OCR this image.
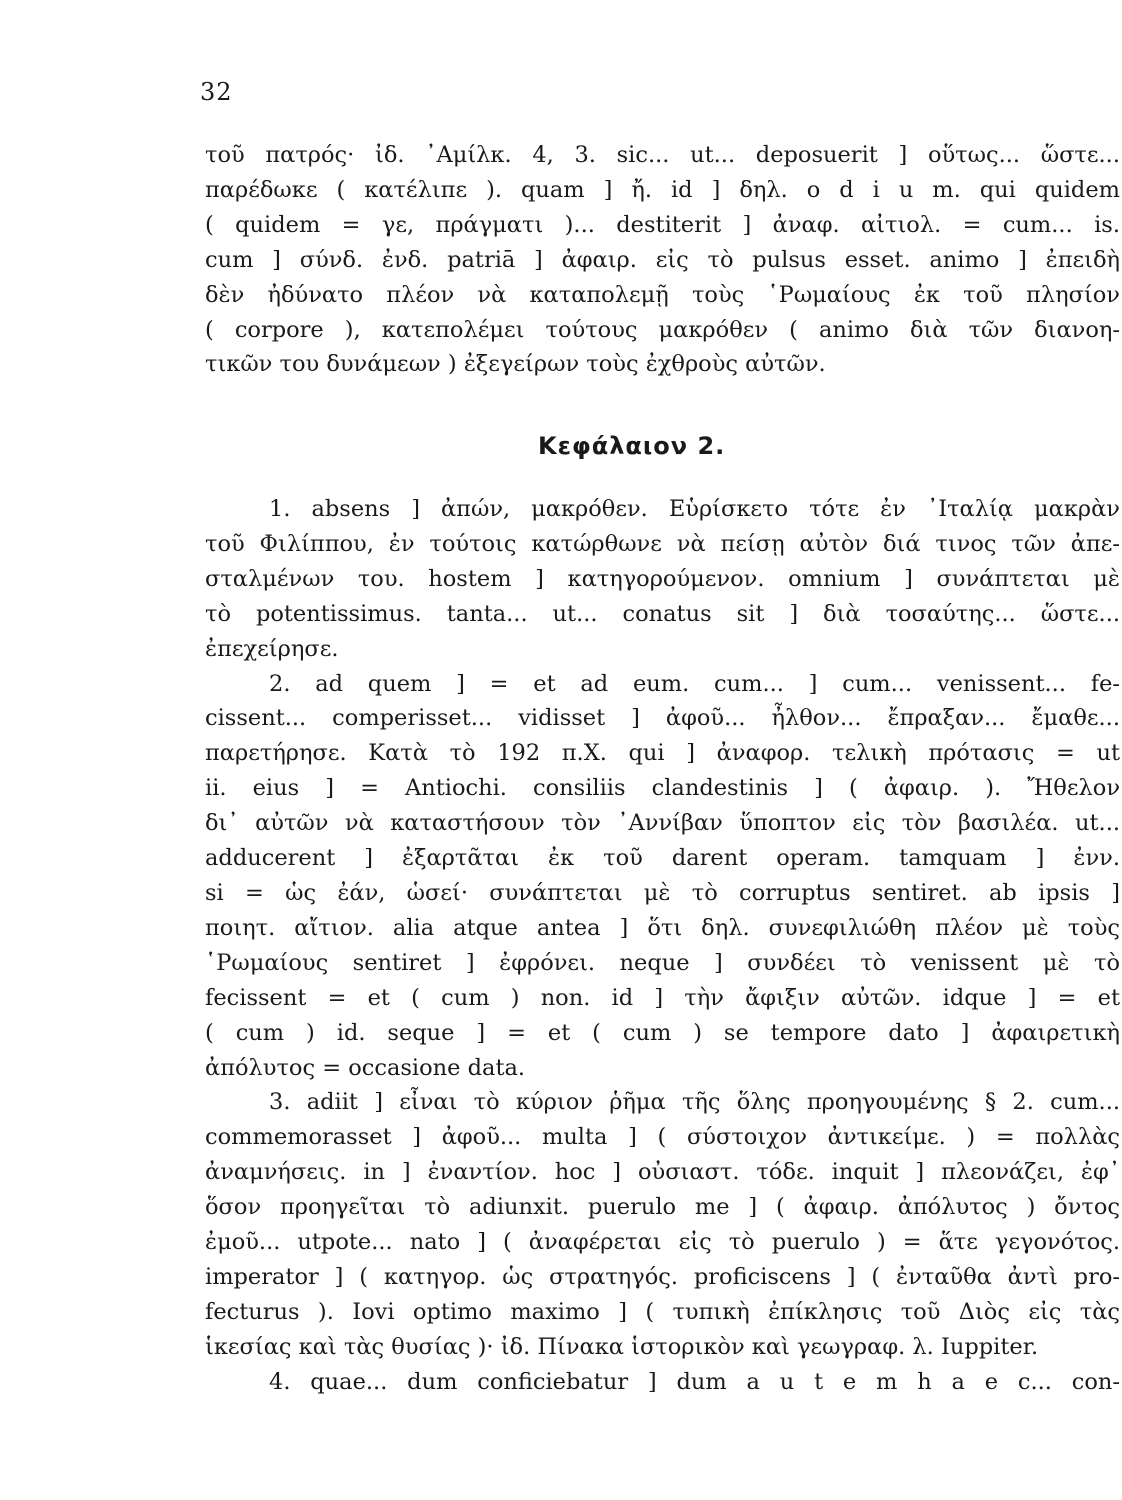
32
τοῦ πατρός· ἰδ. ᾿Αμίλκ. 4, 3. sic... ut... deposuerit ] οὕτως... ὥστε...
παρέδωκε ( κατέλιπε ). quam ] ἤ. id ] δηλ. o d i u m. qui quidem
( quidem = γε, πράγματι )... destiterit ] ἀναφ. αἰτιολ. = cum... is.
cum ] σύνδ. ἐνδ. patriā ] ἀφαιρ. εἰς τὸ pulsus esset. animo ] ἐπειδὴ
δὲν ἠδύνατο πλέον νὰ καταπολεμῇ τοὺς ῾Ρωμαίους ἐκ τοῦ πλησίον
( corpore ), κατεπολέμει τούτους μακρόθεν ( animo διὰ τῶν διανοη-
τικῶν του δυνάμεων ) ἐξεγείρων τοὺς ἐχθροὺς αὐτῶν.
Κεφάλαιον 2.
1. absens ] ἀπών, μακρόθεν. Εὑρίσκετο τότε ἐν ᾿Ιταλίᾳ μακρὰν
τοῦ Φιλίππου, ἐν τούτοις κατώρθωνε νὰ πείσῃ αὐτὸν διά τινος τῶν ἀπε-
σταλμένων του. hostem ] κατηγορούμενον. omnium ] συνάπτεται μὲ
τὸ potentissimus. tanta... ut... conatus sit ] διὰ τοσαύτης... ὥστε...
ἐπεχείρησε.
2. ad quem ] = et ad eum. cum... ] cum... venissent... fe-
cissent... comperisset... vidisset ] ἀφοῦ... ἦλθον... ἔπραξαν... ἔμαθε...
παρετήρησε. Κατὰ τὸ 192 π.Χ. qui ] ἀναφορ. τελικὴ πρότασις = ut
ii. eius ] = Antiochi. consiliis clandestinis ] ( ἀφαιρ. ). Ἤθελον
δι᾿ αὐτῶν νὰ καταστήσουν τὸν ᾿Αννίβαν ὕποπτον εἰς τὸν βασιλέα. ut...
adducerent ] ἐξαρτᾶται ἐκ τοῦ darent operam. tamquam ] ἐνν.
si = ὡς ἐάν, ὡσεί· συνάπτεται μὲ τὸ corruptus sentiret. ab ipsis ]
ποιητ. αἴτιον. alia atque antea ] ὅτι δηλ. συνεφιλιώθη πλέον μὲ τοὺς
῾Ρωμαίους sentiret ] ἐφρόνει. neque ] συνδέει τὸ venissent μὲ τὸ
fecissent = et ( cum ) non. id ] τὴν ἄφιξιν αὐτῶν. idque ] = et
( cum ) id. seque ] = et ( cum ) se tempore dato ] ἀφαιρετικὴ
ἀπόλυτος = occasione data.
3. adiit ] εἶναι τὸ κύριον ῥῆμα τῆς ὅλης προηγουμένης § 2. cum...
commemorasset ] ἀφοῦ... multa ] ( σύστοιχον ἀντικείμε. ) = πολλὰς
ἀναμνήσεις. in ] ἐναντίον. hoc ] οὐσιαστ. τόδε. inquit ] πλεονάζει, ἐφ᾿
ὅσον προηγεῖται τὸ adiunxit. puerulo me ] ( ἀφαιρ. ἀπόλυτος ) ὄντος
ἐμοῦ... utpote... nato ] ( ἀναφέρεται εἰς τὸ puerulo ) = ἅτε γεγονότος.
imperator ] ( κατηγορ. ὡς στρατηγός. proficiscens ] ( ἐνταῦθα ἀντὶ pro-
fecturus ). Iovi optimo maximo ] ( τυπικὴ ἐπίκλησις τοῦ Διὸς εἰς τὰς
ἱκεσίας καὶ τὰς θυσίας )· ἰδ. Πίνακα ἱστορικὸν καὶ γεωγραφ. λ. Iuppiter.
4. quae... dum conficiebatur ] dum a u t e m h a e c... con-
